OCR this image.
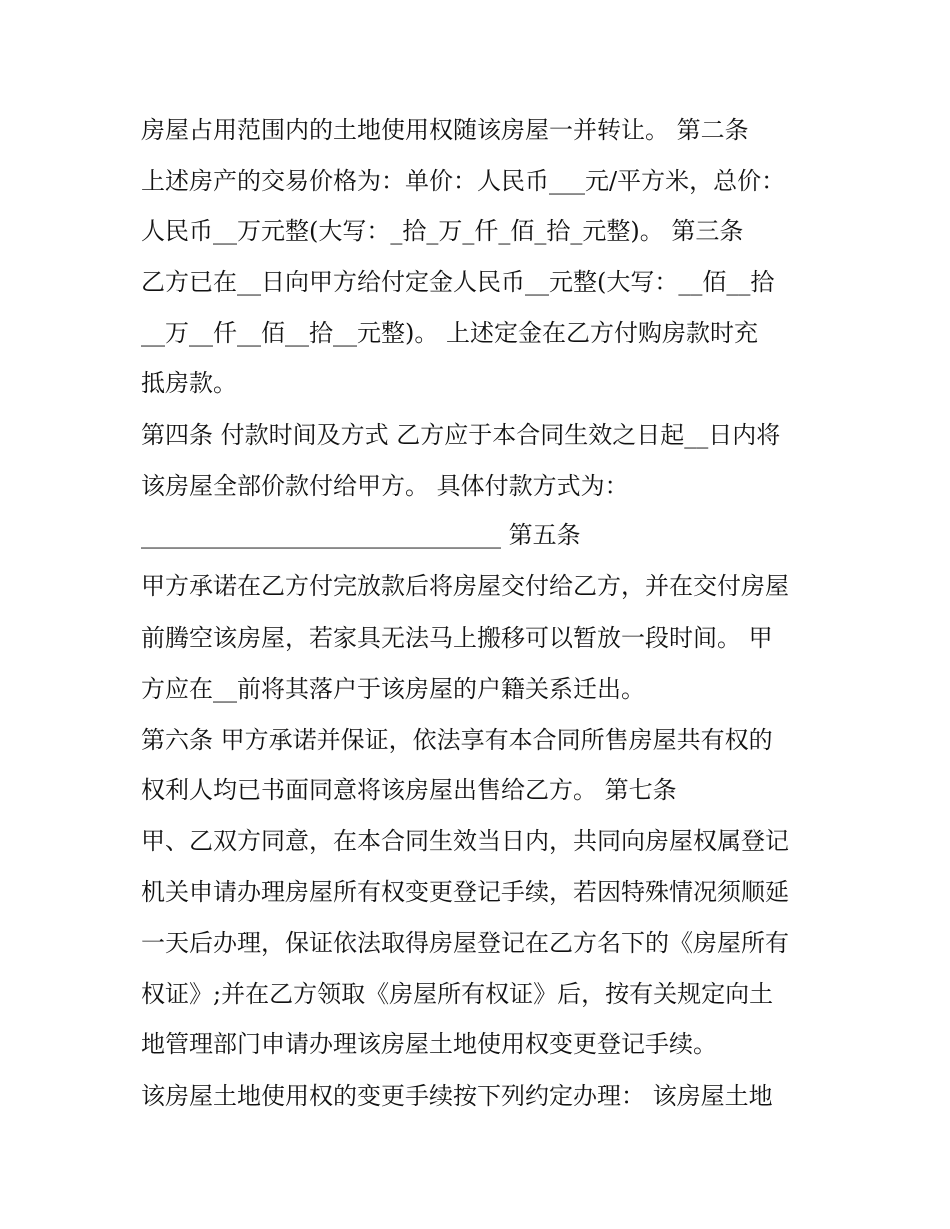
房屋占用范围内的土地使用权随该房屋一并转让。 第二条
上述房产的交易价格为：单价：人民币___元/平方米，总价：
人民币__万元整(大写：_拾_万_仟_佰_拾_元整)。 第三条
乙方已在__日向甲方给付定金人民币__元整(大写：__佰__拾
__万__仟__佰__拾__元整)。 上述定金在乙方付购房款时充
抵房款。
第四条 付款时间及方式 乙方应于本合同生效之日起__日内将
该房屋全部价款付给甲方。 具体付款方式为：
______________________________ 第五条
甲方承诺在乙方付完放款后将房屋交付给乙方，并在交付房屋
前腾空该房屋，若家具无法马上搬移可以暂放一段时间。 甲
方应在__前将其落户于该房屋的户籍关系迁出。
第六条 甲方承诺并保证，依法享有本合同所售房屋共有权的
权利人均已书面同意将该房屋出售给乙方。 第七条
甲、乙双方同意，在本合同生效当日内，共同向房屋权属登记
机关申请办理房屋所有权变更登记手续，若因特殊情况须顺延
一天后办理，保证依法取得房屋登记在乙方名下的《房屋所有
权证》;并在乙方领取《房屋所有权证》后，按有关规定向土
地管理部门申请办理该房屋土地使用权变更登记手续。
该房屋土地使用权的变更手续按下列约定办理： 该房屋土地
